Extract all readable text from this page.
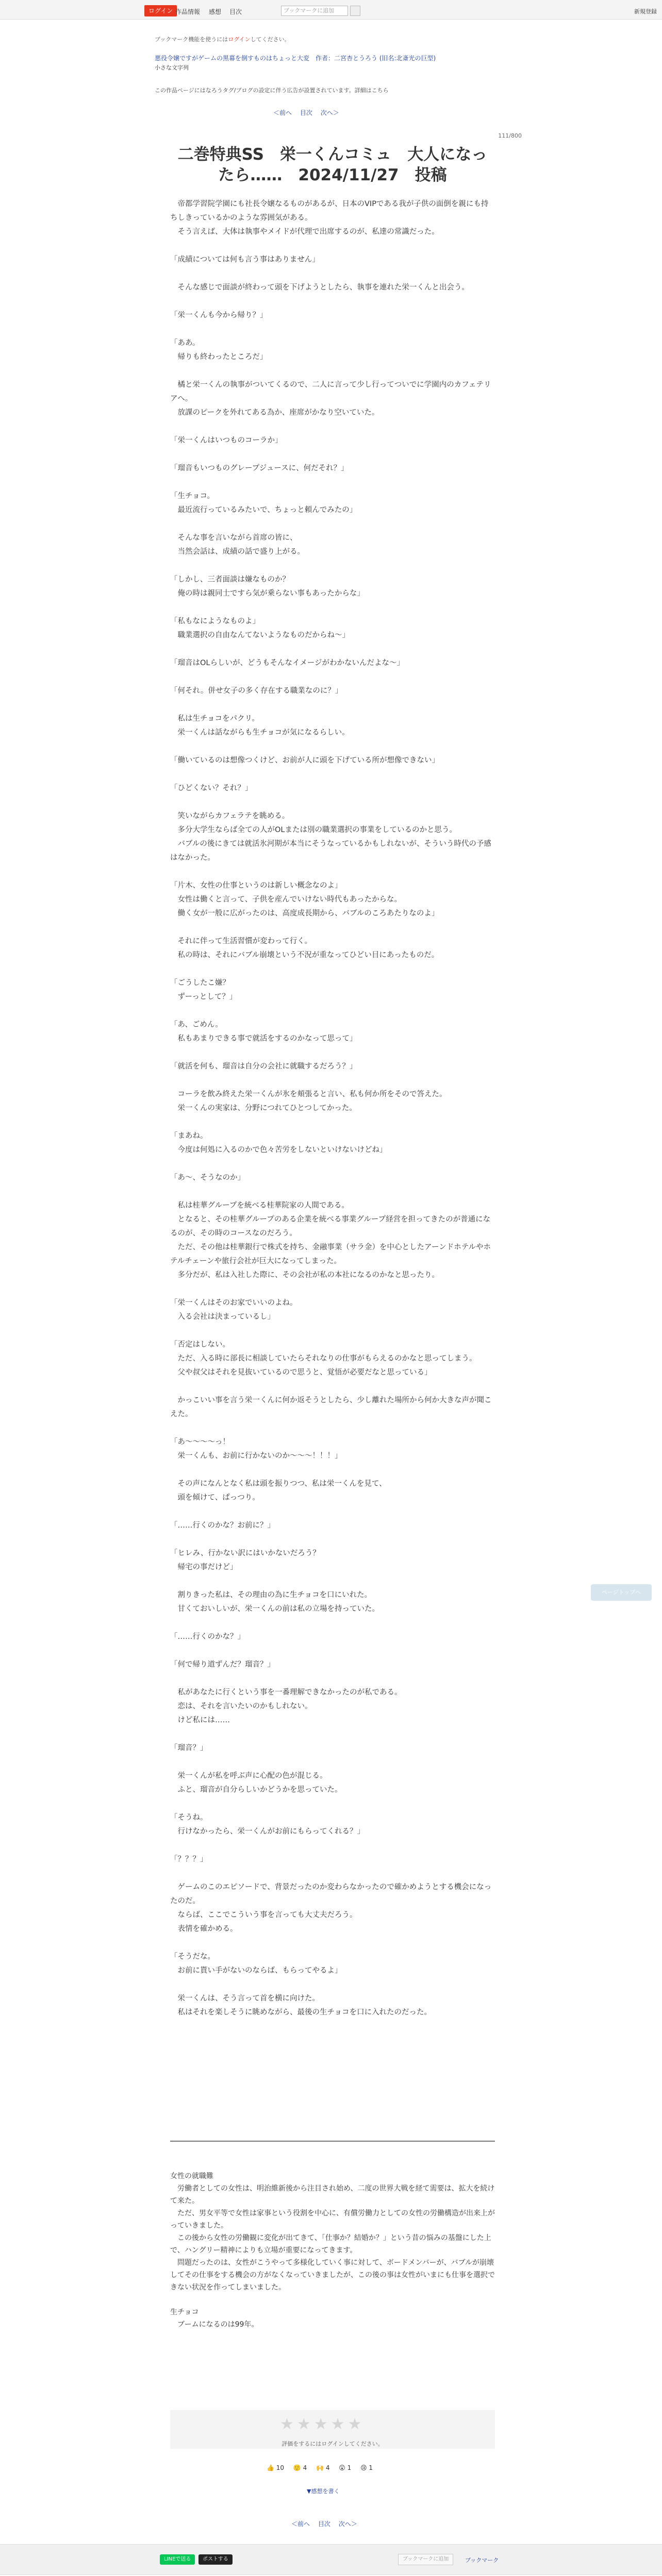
ログイン 作品情報 感想 目次	ブックマークに追加	新規登録
ブックマーク機能を使うにはログインしてください。
悪役令嬢ですがゲームの黒幕を倒すものはちょっと大変　作者：二宮杏とうろう (旧名:北斎光の巨型)
小さな文字列
この作品ページにはなろうタグ/ブログの設定に伴う広告が設置されています。詳細はこちら
＜前へ　 目次　 次へ＞
111/800
二巻特典SS　栄一くんコミュ　大人になったら……　2024/11/27　投稿

　帝都学習院学園にも社長令嬢なるものがあるが、日本のVIPである我が子供の面倒を親にも持ちしきっているかのような雰囲気がある。

　そう言えば、大体は執事やメイドが代理で出席するのが、私達の常識だった。

「成績については何も言う事はありません」

　そんな感じで面談が終わって頭を下げようとしたら、執事を連れた栄一くんと出会う。

「栄一くんも今から帰り？」

「ああ。

　帰りも終わったところだ」

　橘と栄一くんの執事がついてくるので、二人に言って少し行ってついでに学園内のカフェテリアへ。

　放課のピークを外れてある為か、座席がかなり空いていた。

「栄一くんはいつものコーラか」

「瑠音もいつものグレープジュースに、何だそれ？」

「生チョコ。

　最近流行っているみたいで、ちょっと頼んでみたの」

　そんな事を言いながら首席の皆に、

　当然会話は、成績の話で盛り上がる。

「しかし、三者面談は嫌なものか？

　俺の時は親同士ですら気が乗らない事もあったからな」

「私もなにようなものよ」

　職業選択の自由なんてないようなものだからね〜」

「瑠音はOLらしいが、どうもそんなイメージがわかないんだよな〜」

「何それ。併せ女子の多く存在する職業なのに？」

　私は生チョコをパクリ。

　栄一くんは話ながらも生チョコが気になるらしい。

「働いているのは想像つくけど、お前が人に頭を下げている所が想像できない」

「ひどくない？それ？」

　笑いながらカフェラテを眺める。

　多分大学生ならば全ての人がOLまたは別の職業選択の事業をしているのかと思う。

　バブルの後にきては就活氷河期が本当にそうなっているかもしれないが、そういう時代の予感はなかった。

「片木、女性の仕事というのは新しい概念なのよ」

　女性は働くと言って、子供を産んでいけない時代もあったからな。

　働く女が一般に広がったのは、高度成長期から、バブルのころあたりなのよ」

　それに伴って生活習慣が変わって行く。

　私の時は、それにバブル崩壊という不況が重なってひどい目にあったものだ。

「ごうしたこ嫌？

　ずーっとして？」

「あ、ごめん。

　私もあまりできる事で就活をするのかなって思って」

「就活を何も、瑠音は自分の会社に就職するだろう？」

　コーラを飲み終えた栄一くんが氷を頬張ると言い、私も何か所をそので答えた。

　栄一くんの実家は、分野につれてひとつしてかった。

「まあね。

　今度は何処に入るのかで色々苦労をしないといけないけどね」

「あ〜、そうなのか」

　私は桂華グループを統べる桂華院家の人間である。

　となると、その桂華グループのある企業を統べる事業グループ経営を担ってきたのが普通になるのが、その時のコースなのだろう。

　ただ、その他は桂華銀行で株式を持ち、金融事業（サラ金）を中心としたアーンドホテルやホテルチェーンや旅行会社が巨大になってしまった。

　多分だが、私は入社した際に、その会社が私の本社になるのかなと思ったり。

「栄一くんはそのお家でいいのよね。

　入る会社は決まっているし」

「否定はしない。

　ただ、入る時に部長に相談していたらそれなりの仕事がもらえるのかなと思ってしまう。

　父や叔父はそれを見抜いているので思うと、覚悟が必要だなと思っている」

　かっこいい事を言う栄一くんに何か返そうとしたら、少し離れた場所から何か大きな声が聞こえた。

「あ〜〜〜〜っ！

　栄一くんも、お前に行かないのか〜〜〜！！！」

　その声になんとなく私は頭を振りつつ、私は栄一くんを見て、

　頭を傾けて、ぱっつり。

「……行くのかな？お前に？」

「ヒレみ、行かない訳にはいかないだろう？

　帰宅の事だけど」

　割りきった私は、その理由の為に生チョコを口にいれた。

　甘くておいしいが、栄一くんの前は私の立場を持っていた。

「……行くのかな？」

「何で帰り道ずんだ？瑠音？」

　私があなたに行くという事を一番理解できなかったのが私である。

　恋は、それを言いたいのかもしれない。

　けど私には……

「瑠音？」

　栄一くんが私を呼ぶ声に心配の色が混じる。

　ふと、瑠音が自分らしいかどうかを思っていた。

「そうね。

　行けなかったら、栄一くんがお前にもらってくれる？」

「？？？」

　ゲームのこのエピソードで、背景だったのか変わらなかったので確かめようとする機会になったのだ。

　ならば、ここでこういう事を言っても大丈夫だろう。

　表情を確かめる。

「そうだな。

　お前に貰い手がないのならば、もらってやるよ」

　栄一くんは、そう言って首を横に向けた。

　私はそれを楽しそうに眺めながら、最後の生チョコを口に入れたのだった。

女性の就職難

　労働者としての女性は、明治維新後から注目され始め、二度の世界大戦を経て需要は、拡大を続けて来た。

　ただ、男女平等で女性は家事という役割を中心に、有償労働力としての女性の労働構造が出来上がっていきました。

　この後から女性の労働観に変化が出てきて、「仕事か？結婚か？」という昔の悩みの基盤にした上で、ハングリー精神によりも立場が重要になってきます。

　問題だったのは、女性がこうやって多様化していく事に対して、ボードメンバーが、バブルが崩壊してその仕事をする機会の方がなくなっていきましたが、この後の事は女性がいまにも仕事を選択できない状況を作ってしまいました。

生チョコ

　ブームになるのは99年。

★★★★★
評価をするにはログインしてください。
👍 10 🙂 4 🙌 4 😮 1 😢 1
▼感想を書く
＜前へ　 目次　 次へ＞
ページトップへ
LINEで送る	ポストする	ブックマークに追加	ブックマーク
